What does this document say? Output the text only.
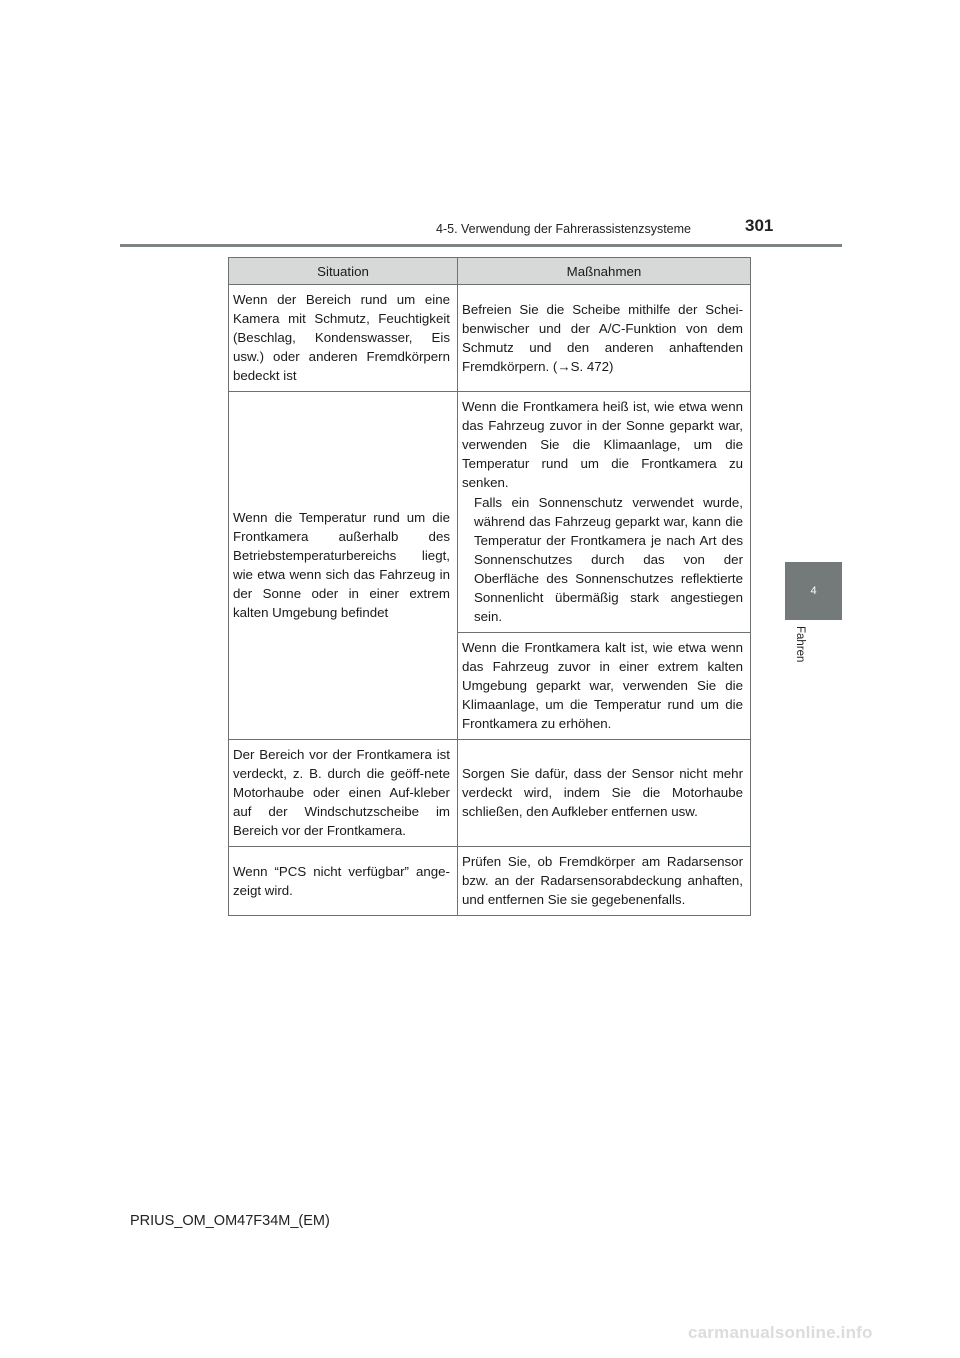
4-5. Verwendung der Fahrerassistenzsysteme	301
4
Fahren
Situation	Maßnahmen
Wenn der Bereich rund um eine Kamera mit Schmutz, Feuchtigkeit (Beschlag, Kondenswasser, Eis usw.) oder anderen Fremdkörpern bedeckt ist	Befreien Sie die Scheibe mithilfe der Schei-benwischer und der A/C-Funktion von dem Schmutz und den anderen anhaftenden Fremdkörpern. (→S. 472)
Wenn die Temperatur rund um die Frontkamera außerhalb des Betriebstemperaturbereichs liegt, wie etwa wenn sich das Fahrzeug in der Sonne oder in einer extrem kalten Umgebung befindet	Wenn die Frontkamera heiß ist, wie etwa wenn das Fahrzeug zuvor in der Sonne geparkt war, verwenden Sie die Klimaanlage, um die Temperatur rund um die Frontkamera zu senken.
Falls ein Sonnenschutz verwendet wurde, während das Fahrzeug geparkt war, kann die Temperatur der Frontkamera je nach Art des Sonnenschutzes durch das von der Oberfläche des Sonnenschutzes reflektierte Sonnenlicht übermäßig stark angestiegen sein.

	Wenn die Frontkamera kalt ist, wie etwa wenn das Fahrzeug zuvor in einer extrem kalten Umgebung geparkt war, verwenden Sie die Klimaanlage, um die Temperatur rund um die Frontkamera zu erhöhen.
Der Bereich vor der Frontkamera ist verdeckt, z. B. durch die geöff-nete Motorhaube oder einen Auf-kleber auf der Windschutzscheibe im Bereich vor der Frontkamera.	Sorgen Sie dafür, dass der Sensor nicht mehr verdeckt wird, indem Sie die Motorhaube schließen, den Aufkleber entfernen usw.
Wenn “PCS nicht verfügbar” ange-zeigt wird.	Prüfen Sie, ob Fremdkörper am Radarsensor bzw. an der Radarsensorabdeckung anhaften, und entfernen Sie sie gegebenenfalls.
PRIUS_OM_OM47F34M_(EM)
carmanualsonline.info
